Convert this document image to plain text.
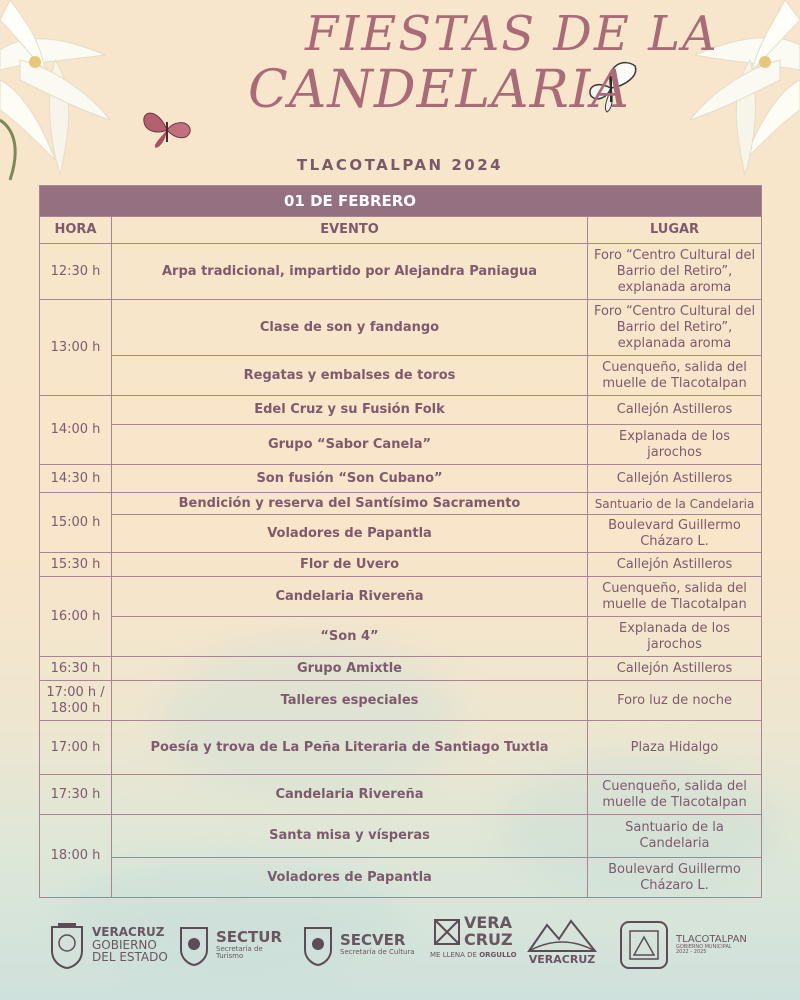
FIESTAS DE LA
CANDELARIA
TLACOTALPAN 2024
01 DE FEBRERO		
HORA	EVENTO	LUGAR
12:30 h	Arpa tradicional, impartido por Alejandra Paniagua	Foro “Centro Cultural del Barrio del Retiro”, explanada aroma
13:00 h	Clase de son y fandango	Foro “Centro Cultural del Barrio del Retiro”, explanada aroma
	Regatas y embalses de toros	Cuenqueño, salida del muelle de Tlacotalpan
14:00 h	Edel Cruz y su Fusión Folk	Callejón Astilleros
	Grupo “Sabor Canela”	Explanada de los jarochos
14:30 h	Son fusión “Son Cubano”	Callejón Astilleros
15:00 h	Bendición y reserva del Santísimo Sacramento	Santuario de la Candelaria
	Voladores de Papantla	Boulevard Guillermo Cházaro L.
15:30 h	Flor de Uvero	Callejón Astilleros
16:00 h	Candelaria Rivereña	Cuenqueño, salida del muelle de Tlacotalpan
	“Son 4”	Explanada de los jarochos
16:30 h	Grupo Amixtle	Callejón Astilleros
17:00 h / 18:00 h	Talleres especiales	Foro luz de noche
17:00 h	Poesía y trova de La Peña Literaria de Santiago Tuxtla	Plaza Hidalgo
17:30 h	Candelaria Rivereña	Cuenqueño, salida del muelle de Tlacotalpan
18:00 h	Santa misa y vísperas	Santuario de la Candelaria
	Voladores de Papantla	Boulevard Guillermo Cházaro L.
VERACRUZ
GOBIERNO
DEL ESTADO
SECTUR
Secretaría de
Turismo
SECVER
Secretaría de Cultura
VERA
CRUZ
ME LLENA DE ORGULLO VERACRUZ
TLACOTALPAN
GOBIERNO MUNICIPAL
2022 - 2025
